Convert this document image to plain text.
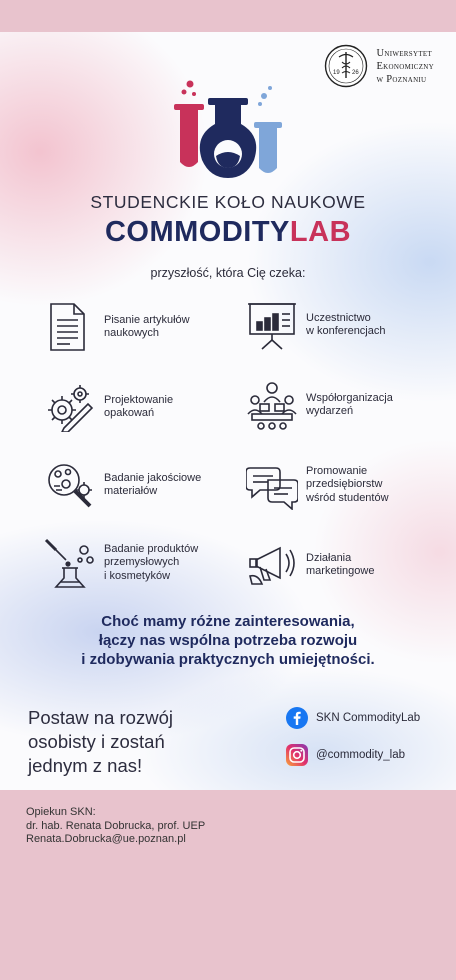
19 26
Uniwersytet
Ekonomiczny
w Poznaniu
STUDENCKIE KOŁO NAUKOWE
COMMODITYLAB
przyszłość, która Cię czeka:
Pisanie artykułów
naukowych
Uczestnictwo
w konferencjach
Projektowanie
opakowań
Współorganizacja
wydarzeń
Badanie jakościowe
materiałów
Promowanie
przedsiębiorstw
wśród studentów
Badanie produktów
przemysłowych
i kosmetyków
Działania
marketingowe
Choć mamy różne zainteresowania,
łączy nas wspólna potrzeba rozwoju
i zdobywania praktycznych umiejętności.
Postaw na rozwój
osobisty i zostań
jednym z nas!
SKN CommodityLab
@commodity_lab
Opiekun SKN:
dr. hab. Renata Dobrucka, prof. UEP
Renata.Dobrucka@ue.poznan.pl
